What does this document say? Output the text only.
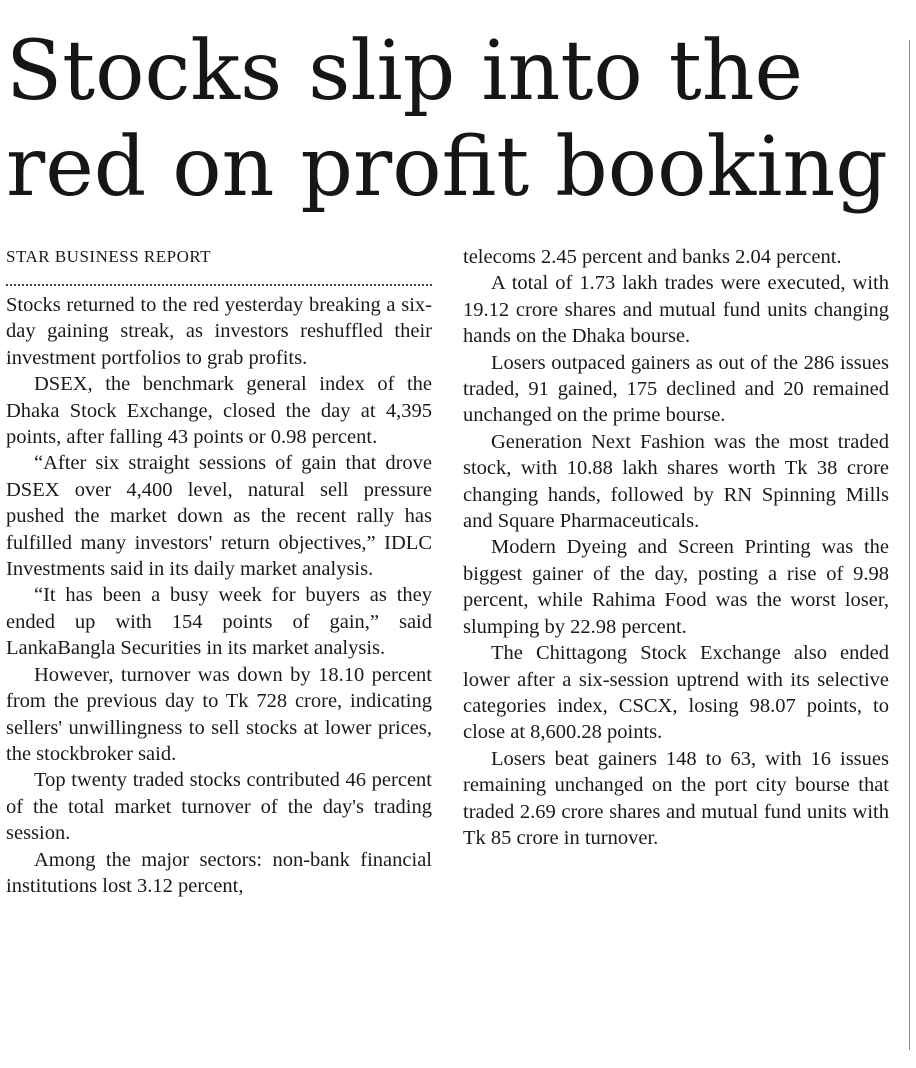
Stocks slip into the
red on profit booking
STAR BUSINESS REPORT

Stocks returned to the red yesterday breaking a six-day gaining streak, as investors reshuffled their investment portfolios to grab profits.

DSEX, the benchmark general index of the Dhaka Stock Exchange, closed the day at 4,395 points, after falling 43 points or 0.98 percent.

“After six straight sessions of gain that drove DSEX over 4,400 level, natural sell pressure pushed the market down as the recent rally has fulfilled many investors' return objectives,” IDLC Investments said in its daily market analysis.

“It has been a busy week for buyers as they ended up with 154 points of gain,” said LankaBangla Securities in its market analysis.

However, turnover was down by 18.10 percent from the previous day to Tk 728 crore, indicating sellers' unwillingness to sell stocks at lower prices, the stockbroker said.

Top twenty traded stocks contributed 46 percent of the total market turnover of the day's trading session.

Among the major sectors: non-bank financial institutions lost 3.12 percent,

telecoms 2.45 percent and banks 2.04 percent.

A total of 1.73 lakh trades were executed, with 19.12 crore shares and mutual fund units changing hands on the Dhaka bourse.

Losers outpaced gainers as out of the 286 issues traded, 91 gained, 175 declined and 20 remained unchanged on the prime bourse.

Generation Next Fashion was the most traded stock, with 10.88 lakh shares worth Tk 38 crore changing hands, followed by RN Spinning Mills and Square Pharmaceuticals.

Modern Dyeing and Screen Printing was the biggest gainer of the day, posting a rise of 9.98 percent, while Rahima Food was the worst loser, slumping by 22.98 percent.

The Chittagong Stock Exchange also ended lower after a six-session uptrend with its selective categories index, CSCX, losing 98.07 points, to close at 8,600.28 points.

Losers beat gainers 148 to 63, with 16 issues remaining unchanged on the port city bourse that traded 2.69 crore shares and mutual fund units with Tk 85 crore in turnover.
